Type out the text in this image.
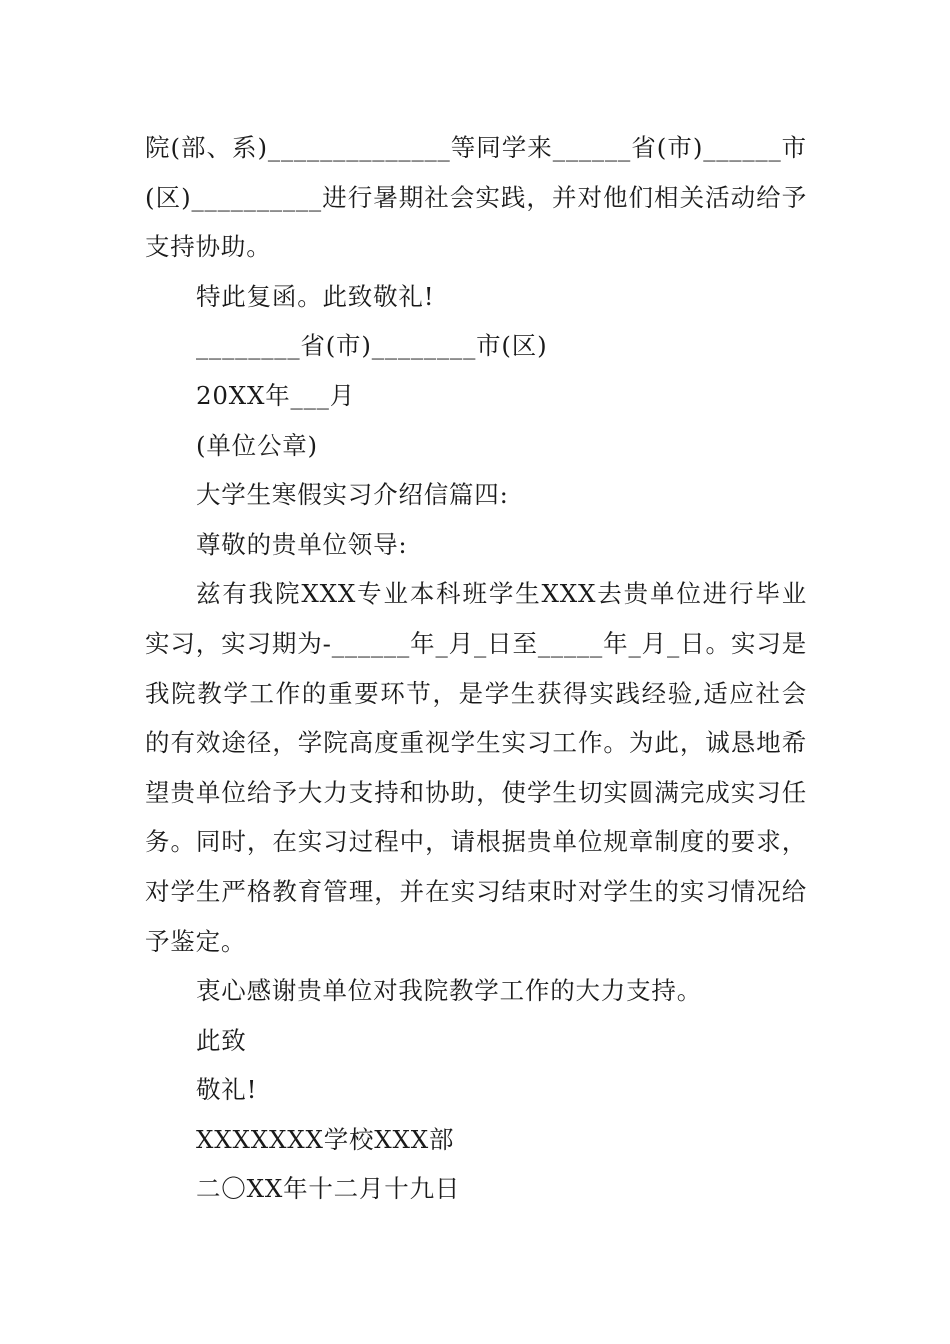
院(部、系)______________等同学来______省(市)______市(区)__________进行暑期社会实践，并对他们相关活动给予支持协助。

特此复函。此致敬礼!

________省(市)________市(区)

20XX年___月

(单位公章)

大学生寒假实习介绍信篇四:

尊敬的贵单位领导:

兹有我院XXX专业本科班学生XXX去贵单位进行毕业实习，实习期为-______年_月_日至_____年_月_日。实习是我院教学工作的重要环节，是学生获得实践经验,适应社会的有效途径，学院高度重视学生实习工作。为此，诚恳地希望贵单位给予大力支持和协助，使学生切实圆满完成实习任务。同时，在实习过程中，请根据贵单位规章制度的要求，对学生严格教育管理，并在实习结束时对学生的实习情况给予鉴定。

衷心感谢贵单位对我院教学工作的大力支持。

此致

敬礼!

XXXXXXX学校XXX部

二〇XX年十二月十九日
